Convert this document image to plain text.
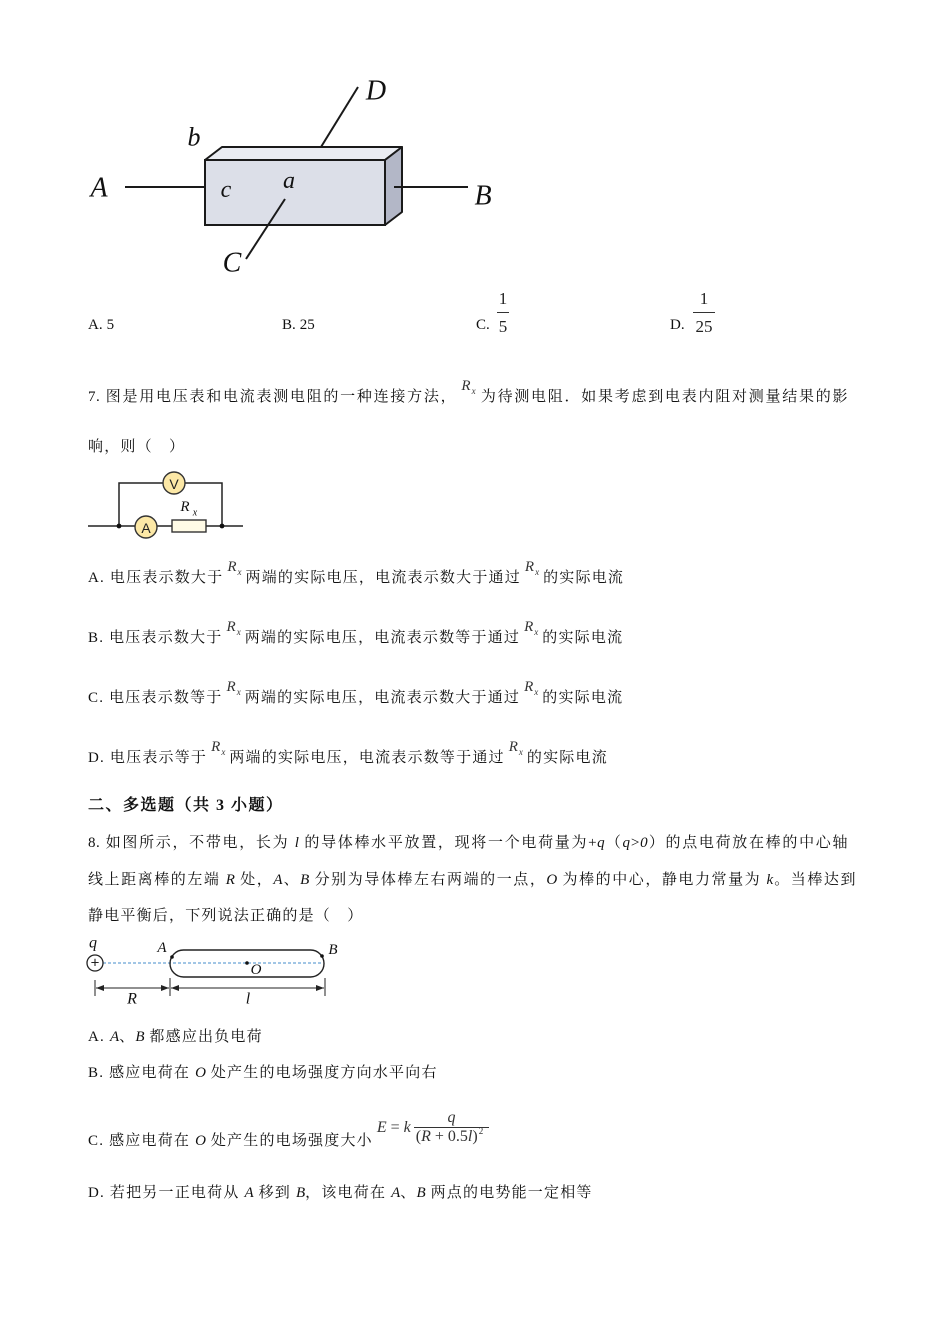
A	B
C
D
b
c a
A. 5	B. 25	C.
1
5	D.
1
25
7. 图是用电压表和电流表测电阻的一种连接方法，$R_x$ 为待测电阻．如果考虑到电表内阻对测量结果的影
响，则（　）
V
A
R x
A. 电压表示数大于$R_x$ 两端的实际电压，电流表示数大于通过$R_x$ 的实际电流
B. 电压表示数大于$R_x$ 两端的实际电压，电流表示数等于通过$R_x$ 的实际电流
C. 电压表示数等于$R_x$ 两端的实际电压，电流表示数大于通过$R_x$ 的实际电流
D. 电压表示等于$R_x$ 两端的实际电压，电流表示数等于通过$R_x$ 的实际电流
二、多选题（共 3 小题）
8. 如图所示，不带电，长为 l 的导体棒水平放置，现将一个电荷量为+q（q>0）的点电荷放在棒的中心轴
线上距离棒的左端 R 处，A、B 分别为导体棒左右两端的一点，O 为棒的中心，静电力常量为 k。当棒达到
静电平衡后，下列说法正确的是（　）
+
q	A	B
O
R	l
A. A、B 都感应出负电荷
B. 感应电荷在 O 处产生的电场强度方向水平向右
C. 感应电荷在 O 处产生的电场强度大小
E = k $\frac{q}{(R + 0.5l)^2}$
D. 若把另一正电荷从 A 移到 B，该电荷在 A、B 两点的电势能一定相等
